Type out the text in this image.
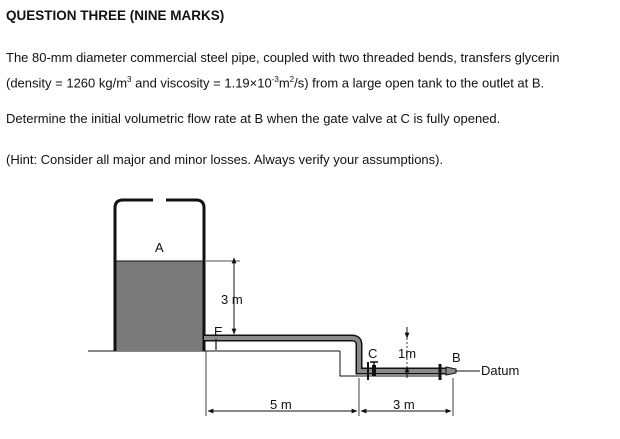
QUESTION THREE (NINE MARKS)

The 80-mm diameter commercial steel pipe, coupled with two threaded bends, transfers glycerin
(density = 1260 $kg/m^3$ and viscosity = $1.19\times 10^{-3}m^2/s$) from a large open tank to the outlet at B.

Determine the initial volumetric flow rate at B when the gate valve at C is fully opened.

(Hint: Consider all major and minor losses. Always verify your assumptions).

A
3 m
E
C 1m	B
Datum
5 m	3 m
